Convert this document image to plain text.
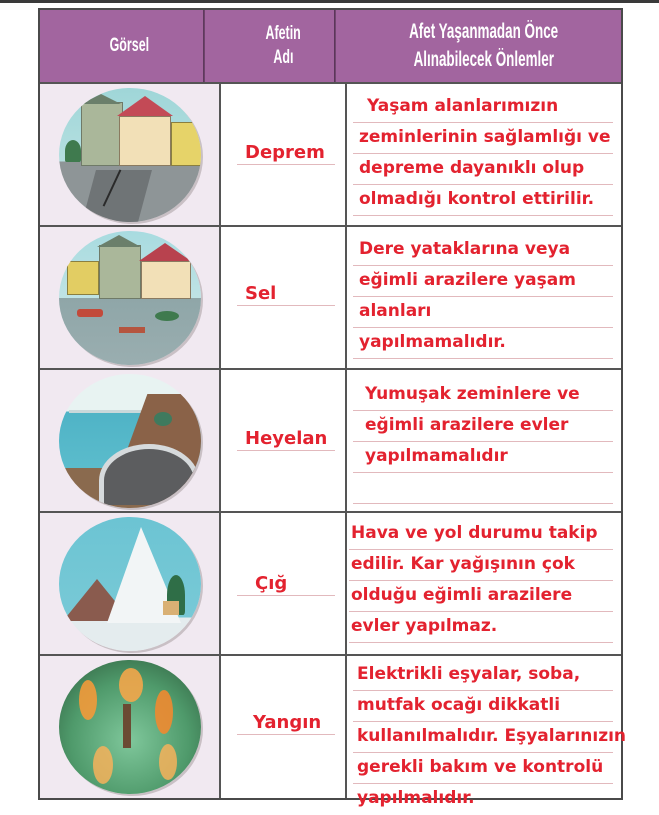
Görsel
Afetin
Adı
Afet Yaşanmadan Önce
Alınabilecek Önlemler
Deprem
Yaşam alanlarımızın
zeminlerinin sağlamlığı ve
depreme dayanıklı olup
olmadığı kontrol ettirilir.
Sel
Dere yataklarına veya
eğimli arazilere yaşam
alanları
yapılmamalıdır.
Heyelan
Yumuşak zeminlere ve
eğimli arazilere evler
yapılmamalıdır
Çığ
Hava ve yol durumu takip
edilir. Kar yağışının çok
olduğu eğimli arazilere
evler yapılmaz.
Yangın
Elektrikli eşyalar, soba,
mutfak ocağı dikkatli
kullanılmalıdır. Eşyalarınızın
gerekli bakım ve kontrolü
yapılmalıdır.
